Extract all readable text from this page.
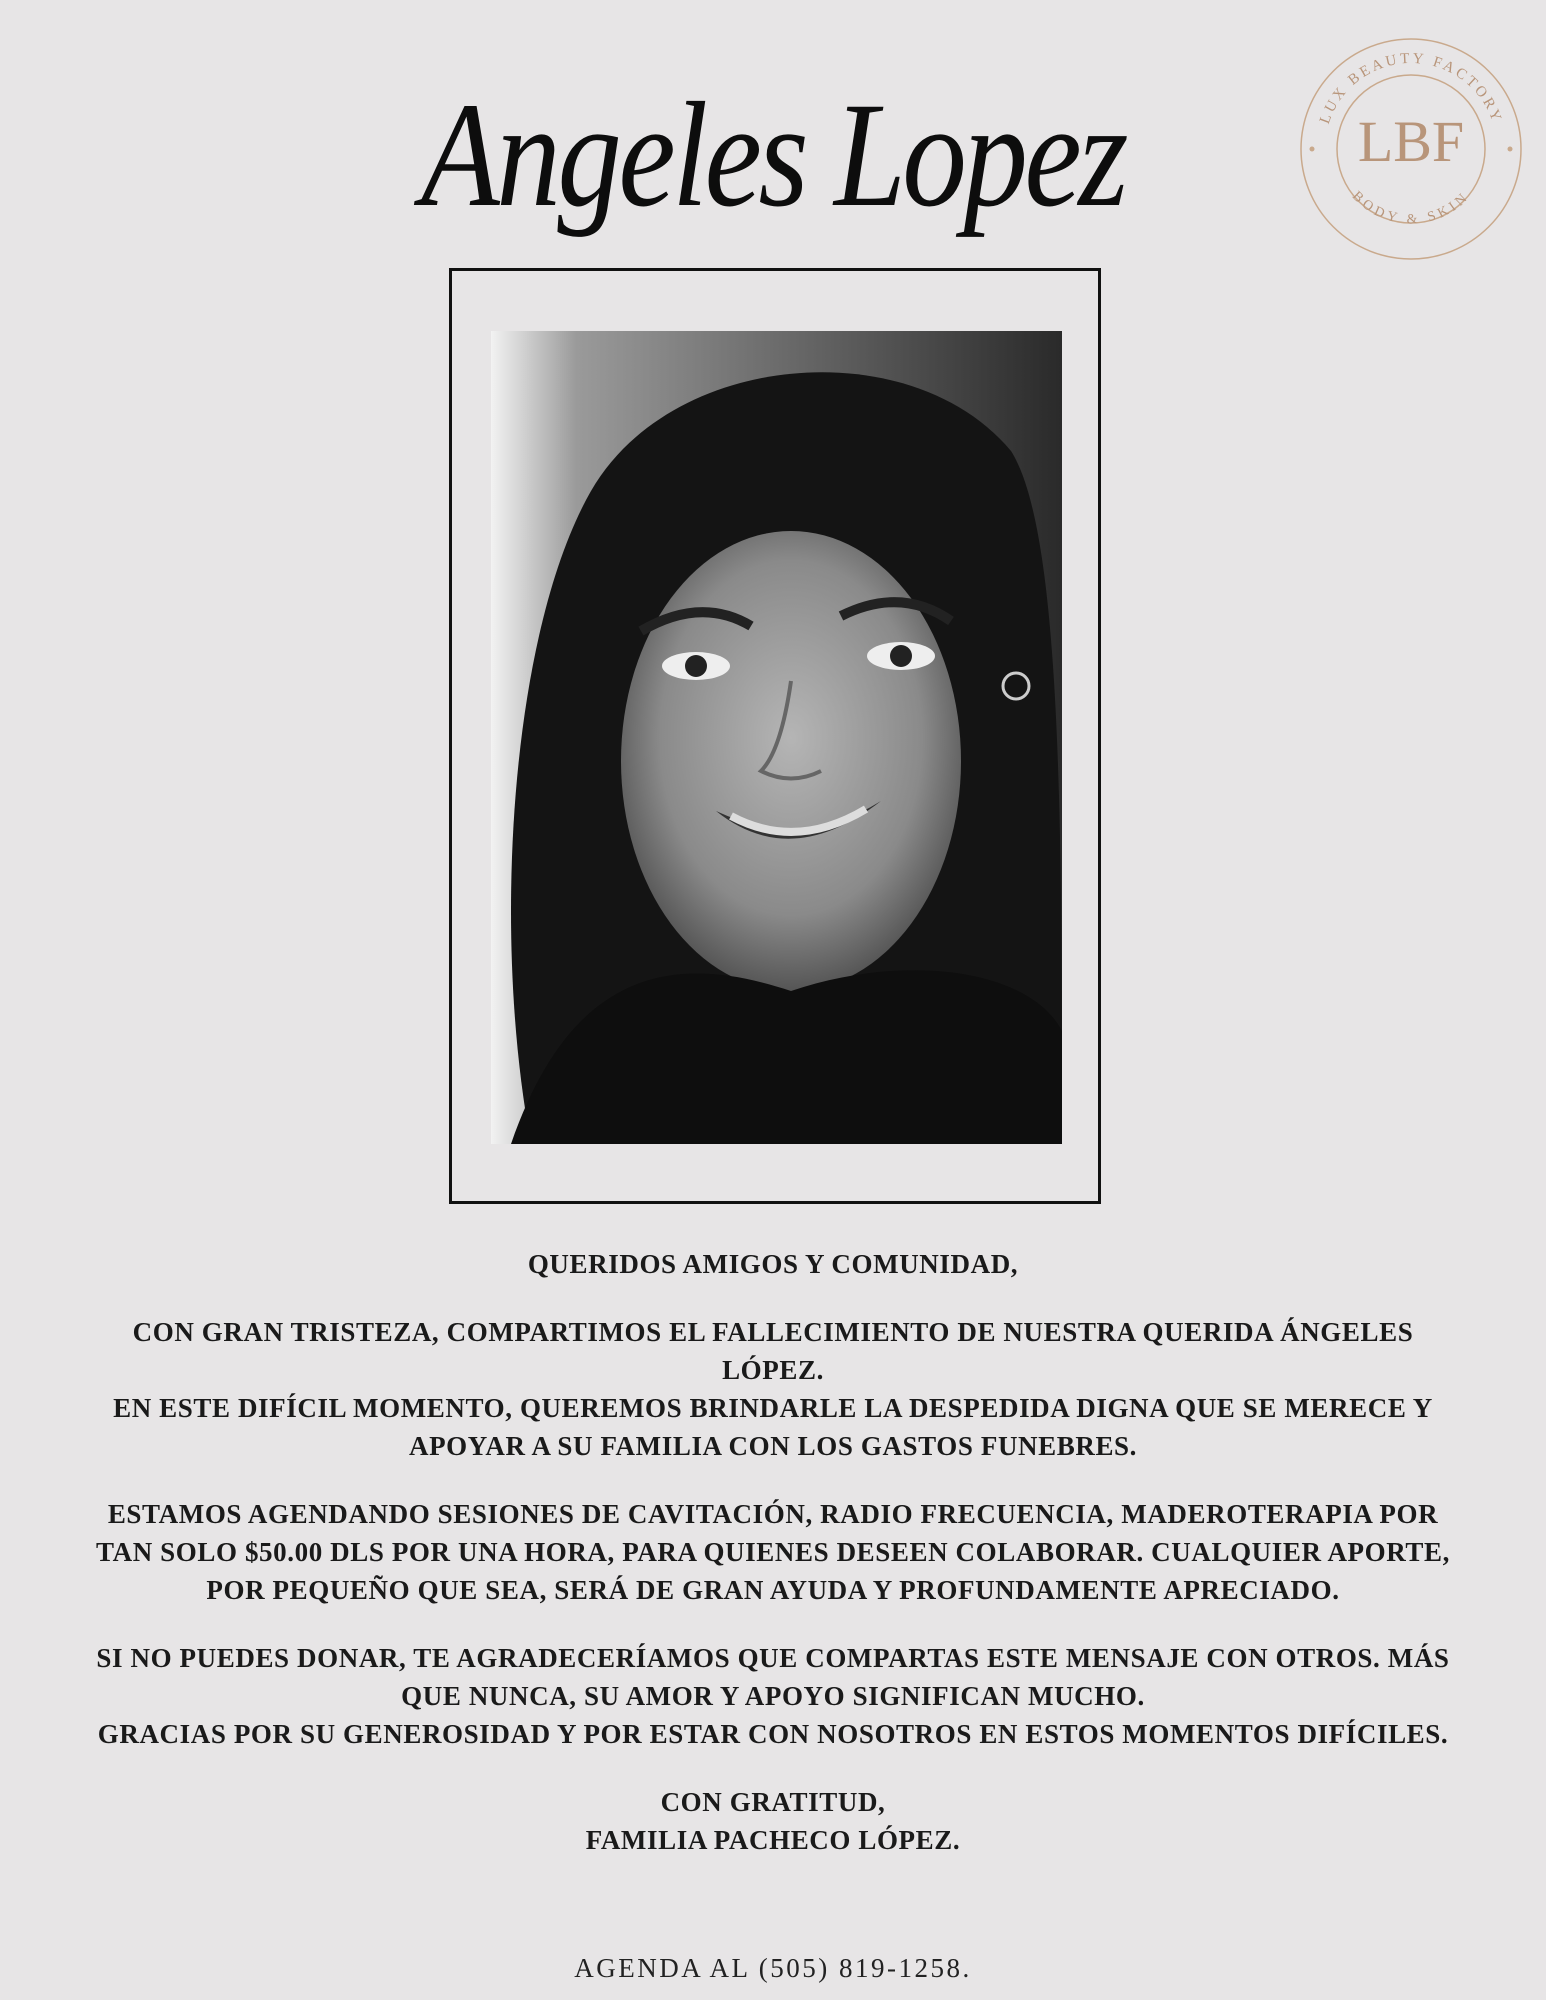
Angeles Lopez	LUX BEAUTY FACTORY
BODY & SKIN
LBF

QUERIDOS AMIGOS Y COMUNIDAD,

CON GRAN TRISTEZA, COMPARTIMOS EL FALLECIMIENTO DE NUESTRA QUERIDA ÁNGELES

LÓPEZ.

EN ESTE DIFÍCIL MOMENTO, QUEREMOS BRINDARLE LA DESPEDIDA DIGNA QUE SE MERECE Y

APOYAR A SU FAMILIA CON LOS GASTOS FUNEBRES.

ESTAMOS AGENDANDO SESIONES DE CAVITACIÓN, RADIO FRECUENCIA, MADEROTERAPIA POR

TAN SOLO $50.00 DLS POR UNA HORA, PARA QUIENES DESEEN COLABORAR. CUALQUIER APORTE,

POR PEQUEÑO QUE SEA, SERÁ DE GRAN AYUDA Y PROFUNDAMENTE APRECIADO.

SI NO PUEDES DONAR, TE AGRADECERÍAMOS QUE COMPARTAS ESTE MENSAJE CON OTROS. MÁS

QUE NUNCA, SU AMOR Y APOYO SIGNIFICAN MUCHO.

GRACIAS POR SU GENEROSIDAD Y POR ESTAR CON NOSOTROS EN ESTOS MOMENTOS DIFÍCILES.

CON GRATITUD,

FAMILIA PACHECO LÓPEZ.

AGENDA AL (505) 819-1258.
